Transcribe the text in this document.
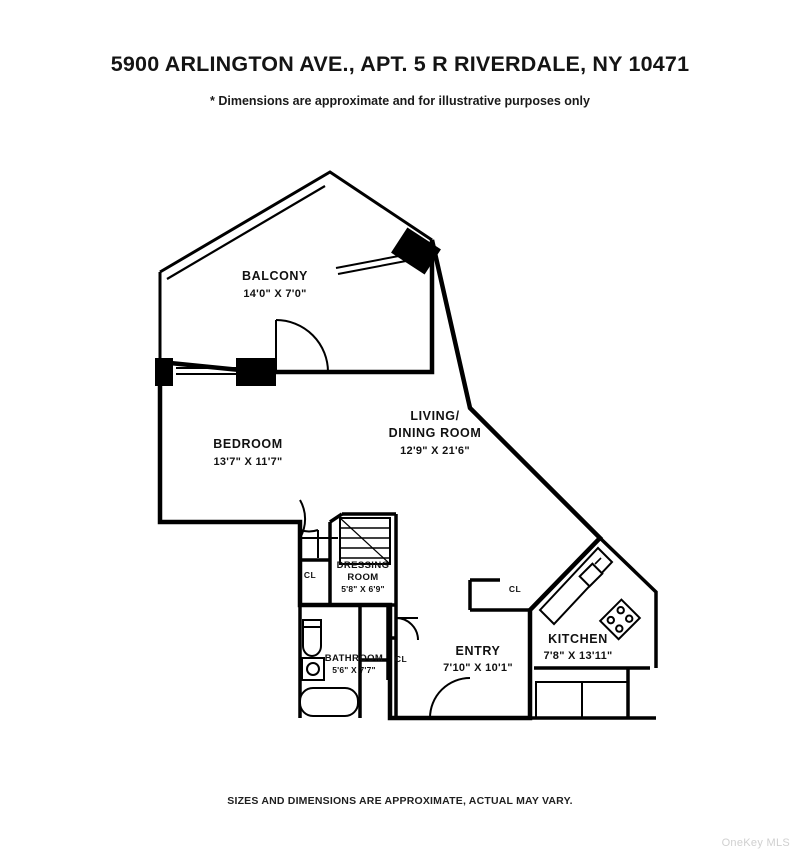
5900 ARLINGTON AVE., APT. 5 R RIVERDALE, NY 10471
* Dimensions are approximate and for illustrative purposes only
BALCONY
14'0" X 7'0"
LIVING/
DINING ROOM
12'9" X 21'6"
BEDROOM
13'7" X 11'7"
DRESSING
ROOM
5'8" X 6'9"
BATHROOM
5'6" X 7'7"
ENTRY
7'10" X 10'1"
KITCHEN
7'8" X 13'11"
CL
CL
CL
SIZES AND DIMENSIONS ARE APPROXIMATE, ACTUAL MAY VARY.
OneKey MLS
